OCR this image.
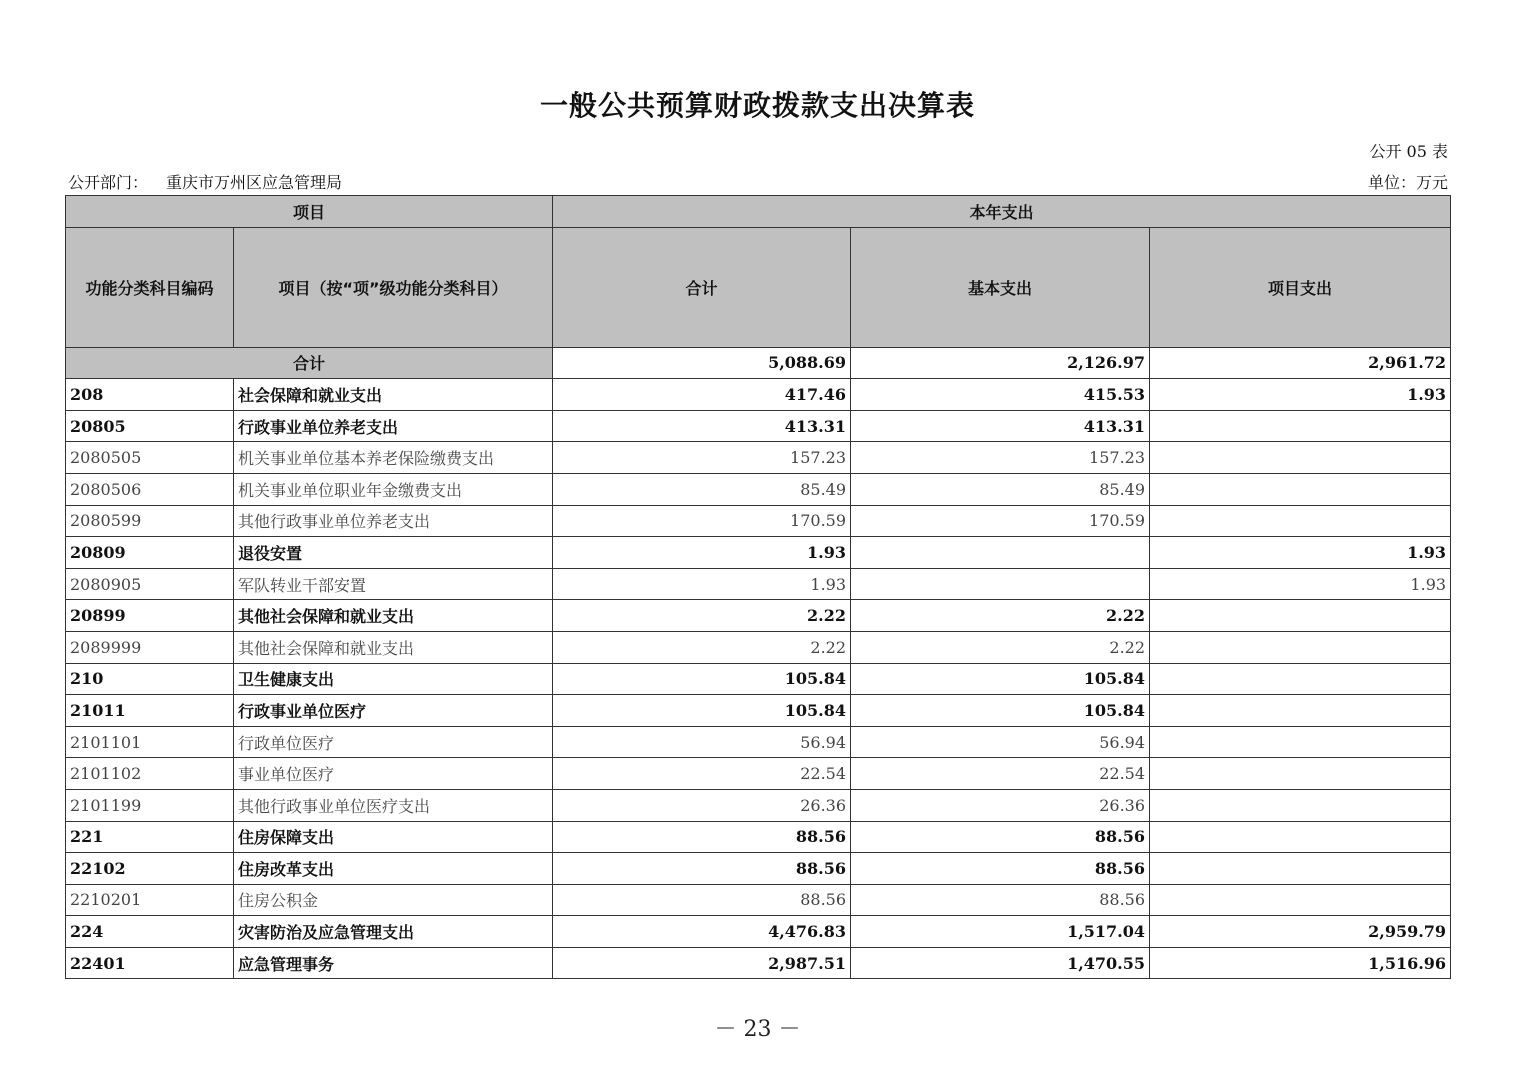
一般公共预算财政拨款支出决算表
公开 05 表
公开部门： 重庆市万州区应急管理局	单位：万元
项目		本年支出		
功能分类科目编码	项目（按“项”级功能分类科目）	合计	基本支出	项目支出
合计		5,088.69	2,126.97	2,961.72
208	社会保障和就业支出	417.46	415.53	1.93
20805	行政事业单位养老支出	413.31	413.31	
2080505	机关事业单位基本养老保险缴费支出	157.23	157.23	
2080506	机关事业单位职业年金缴费支出	85.49	85.49	
2080599	其他行政事业单位养老支出	170.59	170.59	
20809	退役安置	1.93		1.93
2080905	军队转业干部安置	1.93		1.93
20899	其他社会保障和就业支出	2.22	2.22	
2089999	其他社会保障和就业支出	2.22	2.22	
210	卫生健康支出	105.84	105.84	
21011	行政事业单位医疗	105.84	105.84	
2101101	行政单位医疗	56.94	56.94	
2101102	事业单位医疗	22.54	22.54	
2101199	其他行政事业单位医疗支出	26.36	26.36	
221	住房保障支出	88.56	88.56	
22102	住房改革支出	88.56	88.56	
2210201	住房公积金	88.56	88.56	
224	灾害防治及应急管理支出	4,476.83	1,517.04	2,959.79
22401	应急管理事务	2,987.51	1,470.55	1,516.96
－ 23 －
